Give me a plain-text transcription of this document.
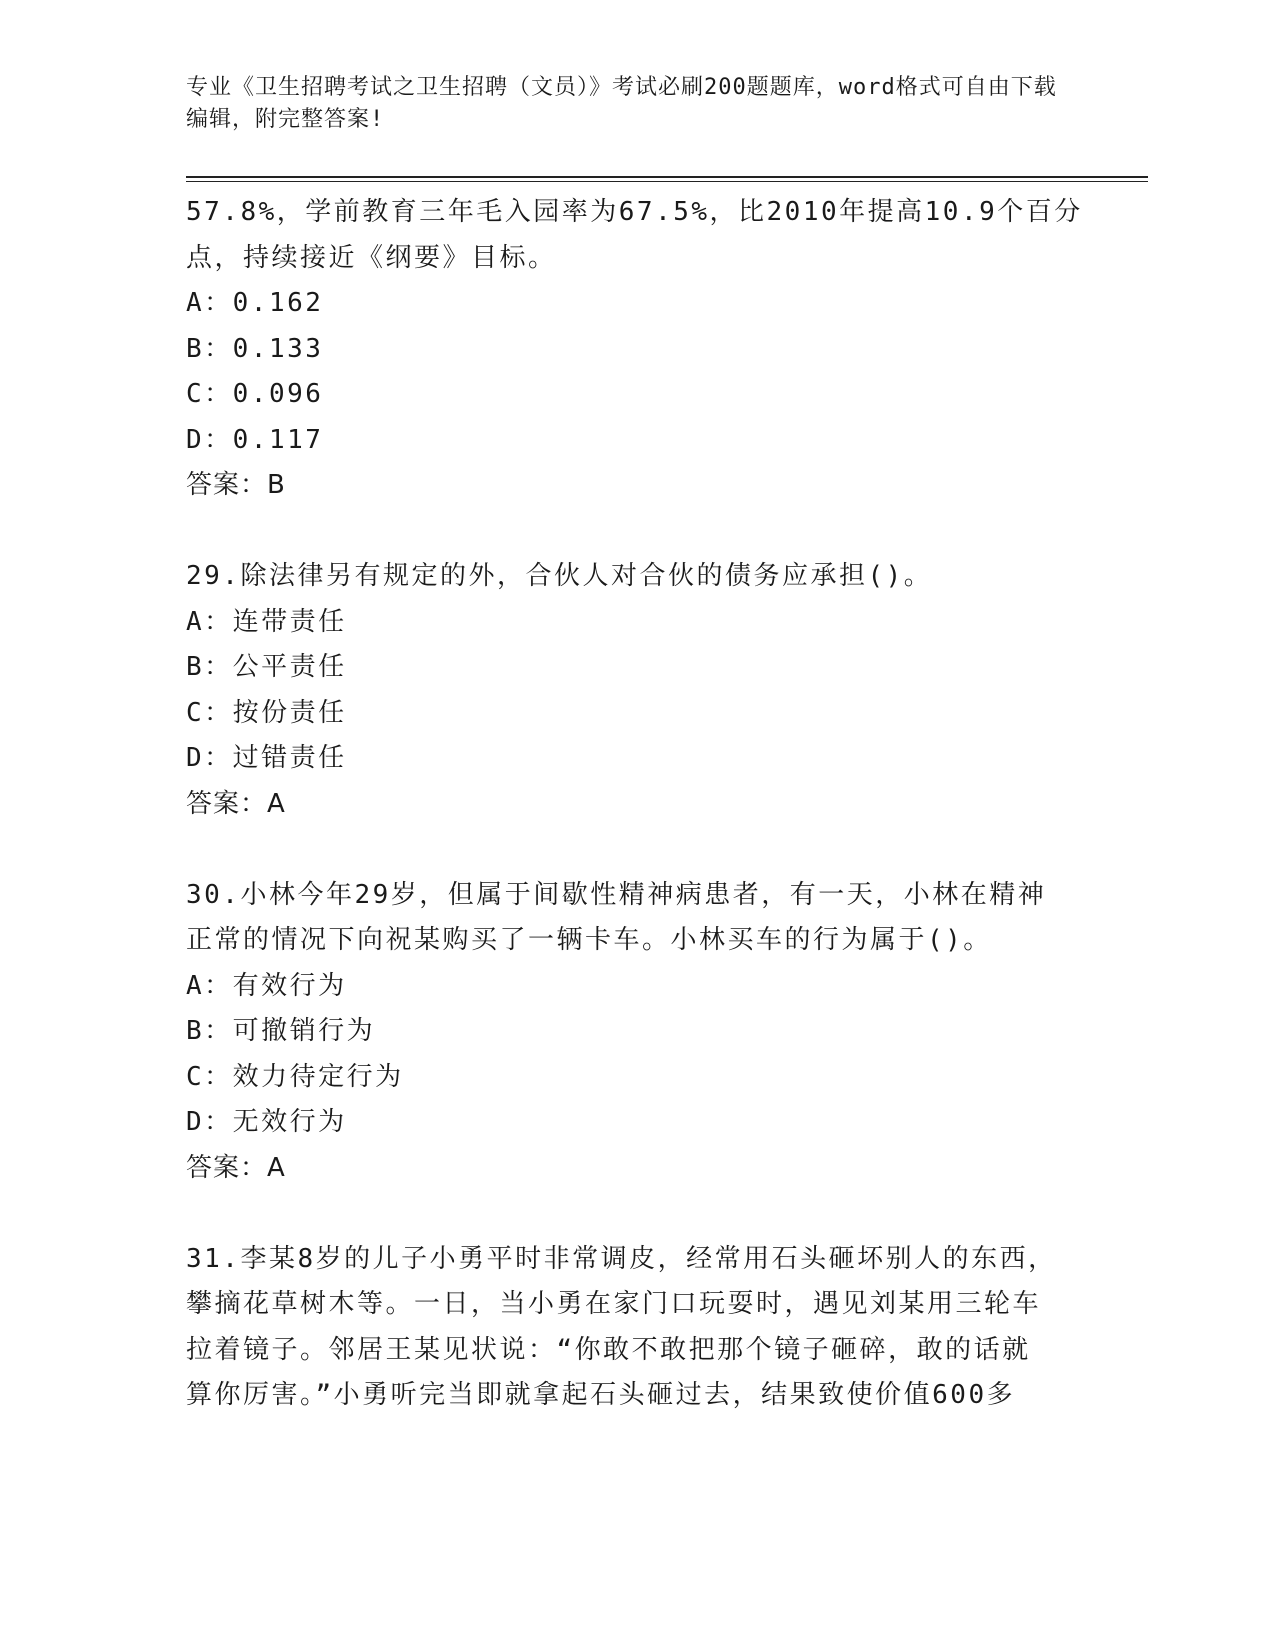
专业《卫生招聘考试之卫生招聘（文员）》考试必刷200题题库，word格式可自由下载编辑，附完整答案!
57.8%，学前教育三年毛入园率为67.5%，比2010年提高10.9个百分
点，持续接近《纲要》目标。
A：0.162
B：0.133
C：0.096
D：0.117
答案：B
29.除法律另有规定的外，合伙人对合伙的债务应承担()。
A：连带责任
B：公平责任
C：按份责任
D：过错责任
答案：A
30.小林今年29岁，但属于间歇性精神病患者，有一天，小林在精神
正常的情况下向祝某购买了一辆卡车。小林买车的行为属于()。
A：有效行为
B：可撤销行为
C：效力待定行为
D：无效行为
答案：A
31.李某8岁的儿子小勇平时非常调皮，经常用石头砸坏别人的东西，
攀摘花草树木等。一日，当小勇在家门口玩耍时，遇见刘某用三轮车
拉着镜子。邻居王某见状说：“你敢不敢把那个镜子砸碎，敢的话就
算你厉害。”小勇听完当即就拿起石头砸过去，结果致使价值600多
